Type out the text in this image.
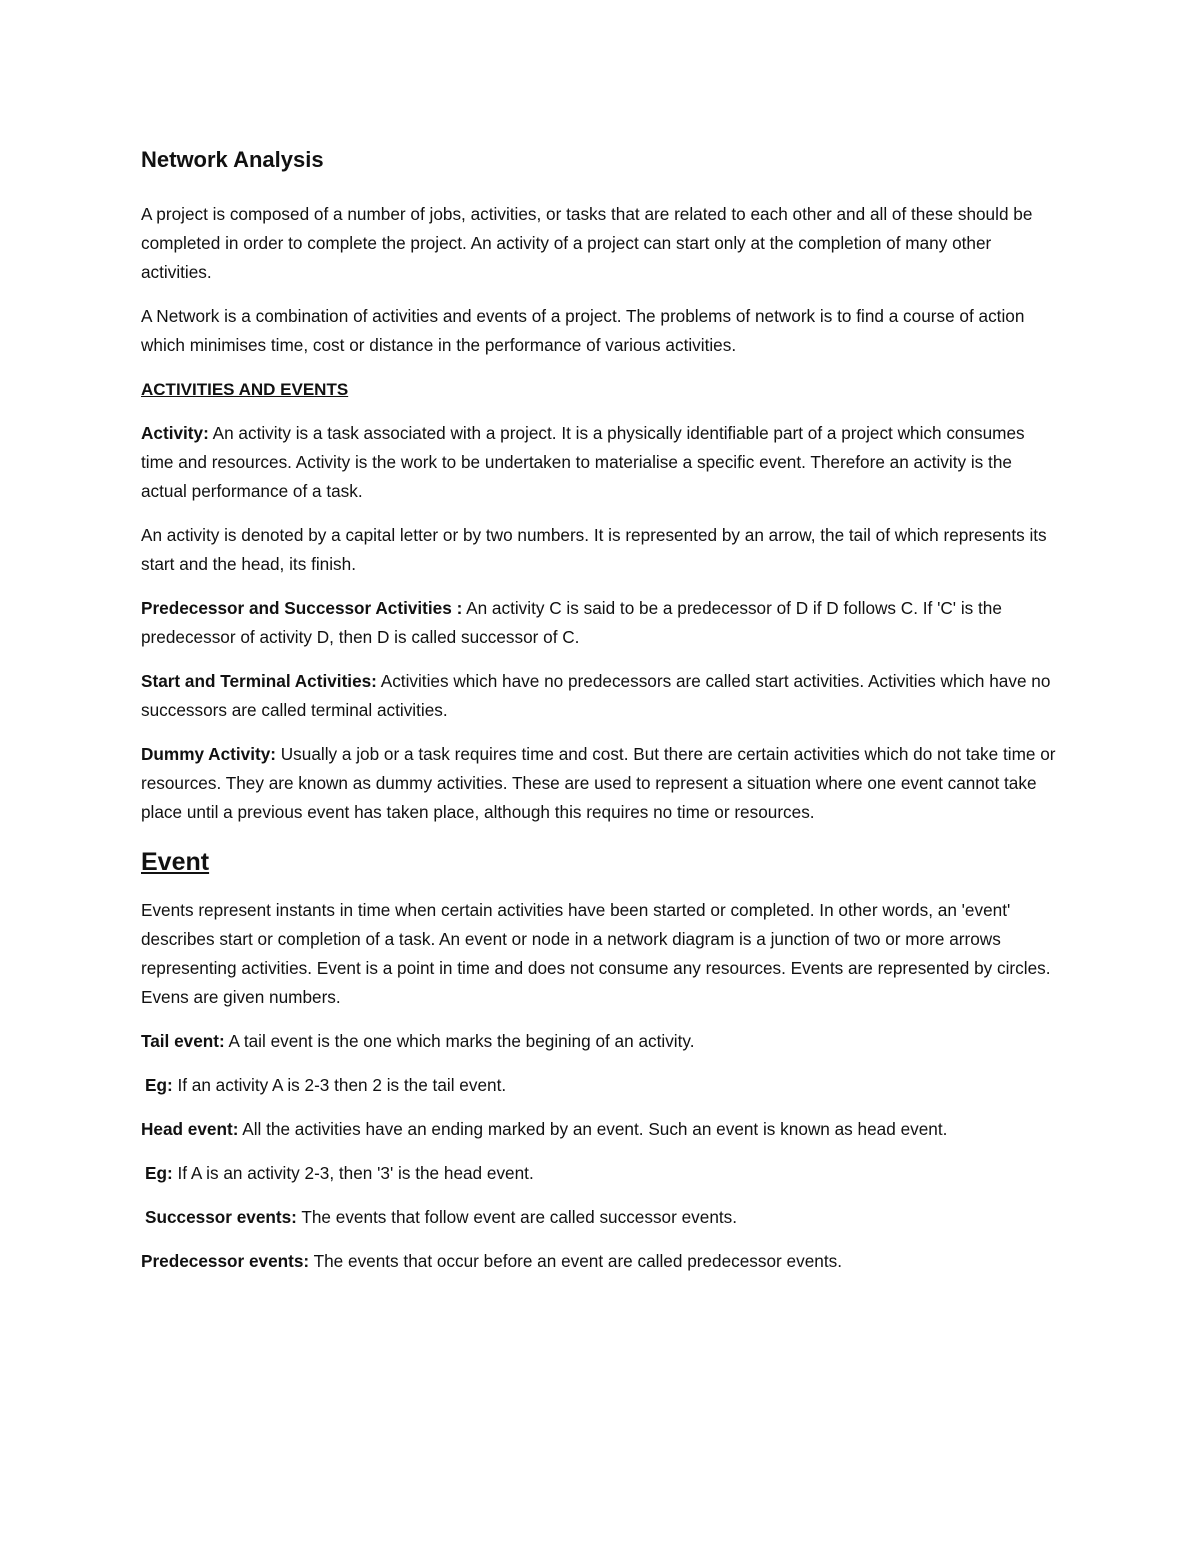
Network Analysis

A project is composed of a number of jobs, activities, or tasks that are related to each other and all of these should be completed in order to complete the project. An activity of a project can start only at the completion of many other activities.

A Network is a combination of activities and events of a project. The problems of network is to find a course of action which minimises time, cost or distance in the performance of various activities.

ACTIVITIES AND EVENTS

Activity: An activity is a task associated with a project. It is a physically identifiable part of a project which consumes time and resources. Activity is the work to be undertaken to materialise a specific event. Therefore an activity is the actual performance of a task.

An activity is denoted by a capital letter or by two numbers. It is represented by an arrow, the tail of which represents its start and the head, its finish.

Predecessor and Successor Activities : An activity C is said to be a predecessor of D if D follows C. If 'C' is the predecessor of activity D, then D is called successor of C.

Start and Terminal Activities: Activities which have no predecessors are called start activities. Activities which have no successors are called terminal activities.

Dummy Activity: Usually a job or a task requires time and cost. But there are certain activities which do not take time or resources. They are known as dummy activities. These are used to represent a situation where one event cannot take place until a previous event has taken place, although this requires no time or resources.

Event

Events represent instants in time when certain activities have been started or completed. In other words, an 'event' describes start or completion of a task. An event or node in a network diagram is a junction of two or more arrows representing activities. Event is a point in time and does not consume any resources. Events are represented by circles. Evens are given numbers.

Tail event: A tail event is the one which marks the begining of an activity.

Eg: If an activity A is 2-3 then 2 is the tail event.

Head event: All the activities have an ending marked by an event. Such an event is known as head event.

Eg: If A is an activity 2-3, then '3' is the head event.

Successor events: The events that follow event are called successor events.

Predecessor events: The events that occur before an event are called predecessor events.
